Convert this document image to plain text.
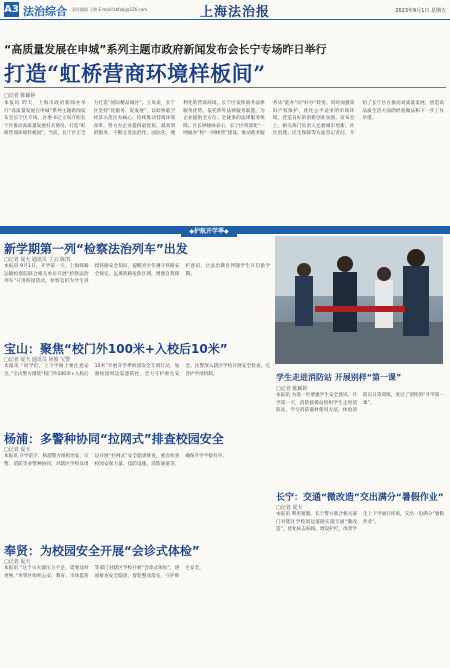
A3 法治综合 责任编辑 王敏 E-mail:lsbfxbj@126.com	上海法治报	2023年9月1日 星期五
“高质量发展在申城”系列主题市政府新闻发布会长宁专场昨日举行
打造“虹桥营商环境样板间”
□记者 陈颖婷
本报讯 昨天，上海市政府新闻办举行“高质量发展在申城”系列主题新闻发布会长宁区专场。区委书记王岚介绍长宁区推动高质量发展有关情况，打造“虹桥营商环境样板间”。当前，长宁区正全力打造“国际精品城区”。王岚说，长宁区坚持“优服务、促发展”，以虹桥临空经济示范区为核心，持续推动营商环境改革，努力为企业提供最优质、最高效的服务，不断完善法治化、国际化、便利化的营商环境。长宁区发挥商务法律服务优势，依托涉外法律服务联盟，为企业提供全方位、全链条的法律服务保障。区长钟晓咏表示，长宁区将深化“一网通办”和“一网统管”建设，推动政务服务从“能办”向“好办”转变。同时加强知识产权保护，优化公平竞争的市场环境，营造良好的创新创业氛围。发布会上，相关部门负责人还就城市更新、社区治理、民生保障等方面答记者问，介绍了长宁区在推动高质量发展、创造高品质生活方面的经验做法和下一步工作举措。
◆护航开学季◆
新学期第一列“检察法治列车”出发
□记者 夏天 通讯员 丁云 陈凯
本报讯 9月1日，开学第一天，上海铁路运输检察院联合相关单位开展“检察法治列车”开进校园活动。检察官们为学生讲授铁路安全知识，提醒青少年遵守铁路安全规定，远离铁路危险区域，增强自我保护意识，让法治教育伴随学生开启新学期。
宝山：聚焦“校门外100米+入校后10米”
□记者 夏天 通讯员 尚俊 宝警
本报讯 “同学们，上下学路上要注意安全。”宝山警方围绕“校门外100米+入校后10米”开展开学季校园安全专项行动，加强校园周边巡逻防控，全力守护师生安全。民警深入辖区学校开展安全检查，完善护学岗机制。
杨浦：多警种协同“拉网式”排查校园安全
□记者 夏天
本报讯 开学前夕，杨浦警方组织治安、交警、消防等多警种协同，对辖区学校及周边开展“拉网式”安全隐患排查，重点检查校园安保力量、技防设施、消防通道等，确保开学平稳有序。
奉贤：为校园安全开展“会诊式体检”
□记者 夏天
本报讯 “这个灭火器压力不足，需要及时更换。”奉贤区组织公安、教育、市场监管等部门对辖区学校开展“会诊式体检”，逐项排查安全隐患，督促整改落实，守护师生安全。
学生走进消防站 开展别样“第一课”
□记者 陈颖婷
本报讯 为进一步增强学生安全意识，开学第一天，消防救援站组织学生走进消防站，学习消防器材使用方法，体验消防员日常训练，度过了别样的“开学第一课”。
长宁：交通“微改造”交出满分“暑假作业”
□记者 夏天
本报讯 利用暑假，长宁警方联合相关部门对辖区学校周边道路实施交通“微改造”，优化标志标线、增设护栏，改善学生上下学通行环境，交出一份满分“暑假作业”。
